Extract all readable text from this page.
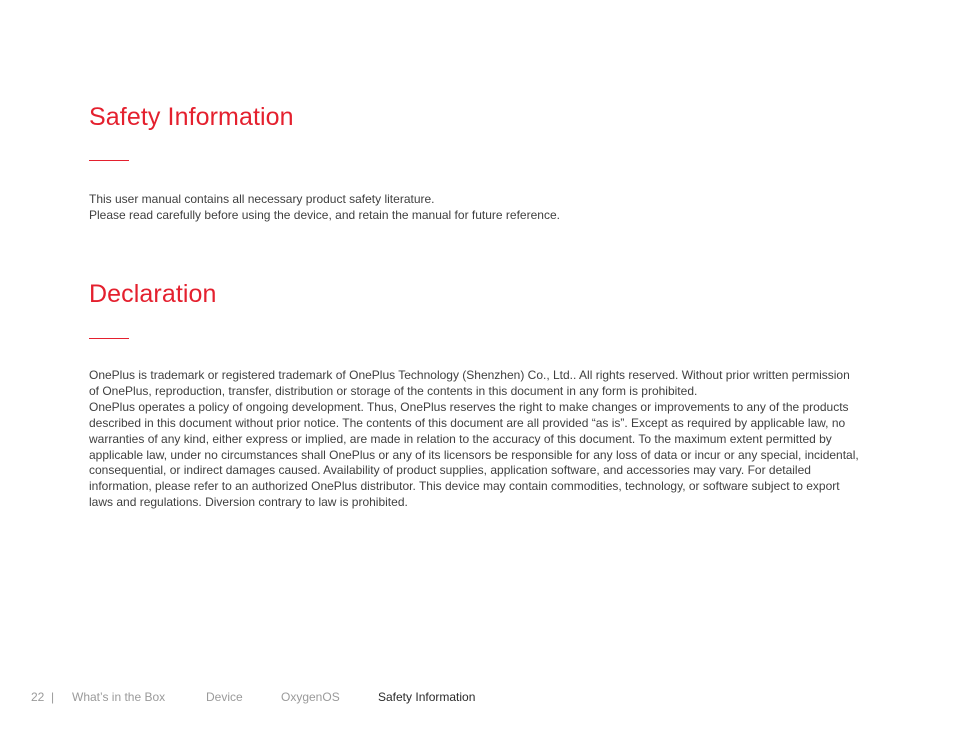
Safety Information

This user manual contains all necessary product safety literature.

Please read carefully before using the device, and retain the manual for future reference.

Declaration

OnePlus is trademark or registered trademark of OnePlus Technology (Shenzhen) Co., Ltd.. All rights reserved. Without prior written permission of OnePlus, reproduction, transfer, distribution or storage of the contents in this document in any form is prohibited.

OnePlus operates a policy of ongoing development. Thus, OnePlus reserves the right to make changes or improvements to any of the products described in this document without prior notice. The contents of this document are all provided “as is”. Except as required by applicable law, no warranties of any kind, either express or implied, are made in relation to the accuracy of this document. To the maximum extent permitted by applicable law, under no circumstances shall OnePlus or any of its licensors be responsible for any loss of data or incur or any special, incidental, consequential, or indirect damages caused. Availability of product supplies, application software, and accessories may vary. For detailed information, please refer to an authorized OnePlus distributor. This device may contain commodities, technology, or software subject to export laws and regulations. Diversion contrary to law is prohibited.

22 | What’s in the Box	Device	OxygenOS	Safety Information
